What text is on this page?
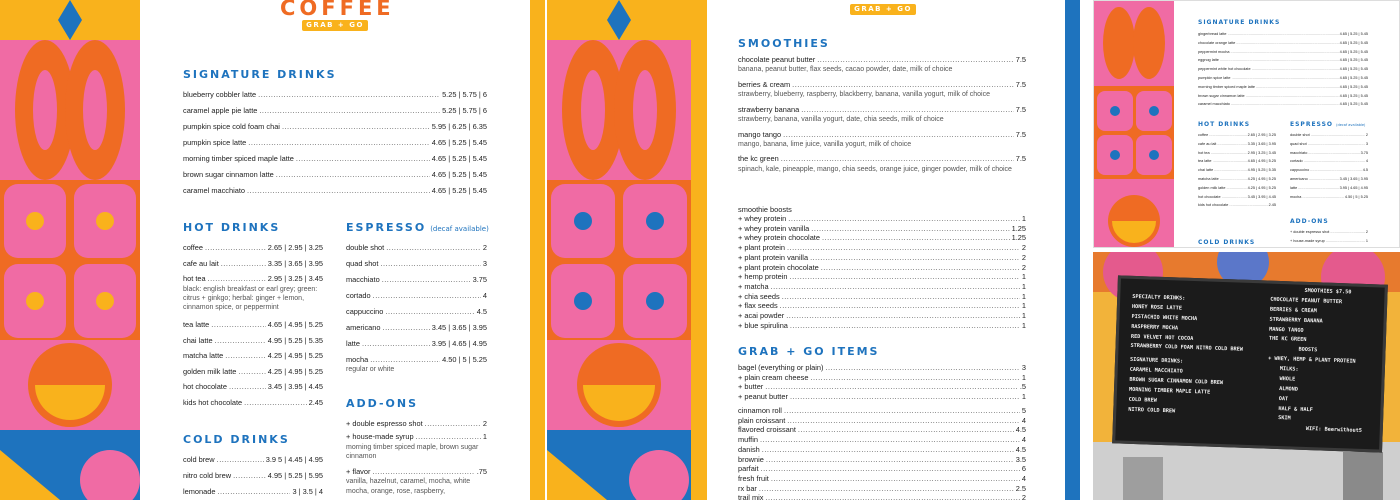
COFFEE
GRAB + GO
SIGNATURE DRINKS
blueberry cobbler latte .....	5.25 | 5.75 | 6
caramel apple pie latte .....	5.25 | 5.75 | 6
pumpkin spice cold foam chai .....	5.95 | 6.25 | 6.35
pumpkin spice latte .....	4.65 | 5.25 | 5.45
morning timber spiced maple latte .....	4.65 | 5.25 | 5.45
brown sugar cinnamon latte .....	4.65 | 5.25 | 5.45
caramel macchiato .....	4.65 | 5.25 | 5.45
HOT DRINKS
coffee .....	2.65 | 2.95 | 3.25
cafe au lait .....	3.35 | 3.65 | 3.95
hot tea .....	2.95 | 3.25 | 3.45
black: english breakfast or earl grey; green: citrus + ginkgo; herbal: ginger + lemon, cinnamon spice, or peppermint
tea latte .....	4.65 | 4.95 | 5.25
chai latte .....	4.95 | 5.25 | 5.35
matcha latte .....	4.25 | 4.95 | 5.25
golden milk latte .....	4.25 | 4.95 | 5.25
hot chocolate .....	3.45 | 3.95 | 4.45
kids hot chocolate .....	2.45
ESPRESSO (decaf available)
double shot .....	2
quad shot .....	3
macchiato .....	3.75
cortado .....	4
cappuccino .....	4.5
americano .....	3.45 | 3.65 | 3.95
latte .....	3.95 | 4.65 | 4.95
mocha .....	4.50 | 5 | 5.25
regular or white
ADD-ONS
+ double espresso shot .....	2
+ house-made syrup .....	1
morning timber spiced maple, brown sugar cinnamon
+ flavor .....	.75
vanilla, hazelnut, caramel, mocha, white mocha, orange, rose, raspberry,
COLD DRINKS
cold brew .....	3.9 5 | 4.45 | 4.95
nitro cold brew .....	4.95 | 5.25 | 5.95
lemonade .....	3 | 3.5 | 4
GRAB + GO
SMOOTHIES
chocolate peanut butter .....	7.5
banana, peanut butter, flax seeds, cacao powder, date, milk of choice
berries & cream .....	7.5
strawberry, blueberry, raspberry, blackberry, banana, vanilla yogurt, milk of choice
strawberry banana .....	7.5
strawberry, banana, vanilla yogurt, date, chia seeds, milk of choice
mango tango .....	7.5
mango, banana, lime juice, vanilla yogurt, milk of choice
the kc green .....	7.5
spinach, kale, pineapple, mango, chia seeds, orange juice, ginger powder, milk of choice
smoothie boosts
+ whey protein .....	1
+ whey protein vanilla .....	1.25
+ whey protein chocolate .....	1.25
+ plant protein .....	2
+ plant protein vanilla .....	2
+ plant protein chocolate .....	2
+ hemp protein .....	1
+ matcha .....	1
+ chia seeds .....	1
+ flax seeds .....	1
+ acai powder .....	1
+ blue spirulina .....	1
GRAB + GO ITEMS
bagel (everything or plain) .....	3
+ plain cream cheese .....	1
+ butter .....	.5
+ peanut butter .....	1
cinnamon roll .....	5
plain croissant .....	4
flavored croissant .....	4.5
muffin .....	4
danish .....	4.5
brownie .....	3.5
parfait .....	6
fresh fruit .....	4
rx bar .....	2.5
trail mix .....	2
SIGNATURE DRINKS
gingerbread latte .....	4.65 | 5.25 | 5.45
chocolate orange latte .....	4.65 | 5.25 | 5.45
peppermint mocha .....	4.65 | 5.25 | 5.45
eggnog latte .....	4.65 | 5.25 | 5.45
peppermint white hot chocolate .....	4.65 | 5.25 | 5.45
pumpkin spice latte .....	4.65 | 5.25 | 5.45
morning timber spiced maple latte .....	4.65 | 5.25 | 5.45
brown sugar cinnamon latte .....	4.65 | 5.25 | 5.45
caramel macchiato .....	4.65 | 5.25 | 5.45
HOT DRINKS
coffee .....	2.65 | 2.95 | 3.25
cafe au lait .....	3.35 | 3.65 | 3.95
hot tea .....	2.95 | 3.25 | 3.45
tea latte .....	4.65 | 4.95 | 5.25
chai latte .....	4.95 | 5.25 | 5.35
matcha latte .....	4.25 | 4.95 | 5.25
golden milk latte .....	4.25 | 4.95 | 5.25
hot chocolate .....	3.45 | 3.95 | 4.45
kids hot chocolate .....	2.45
ESPRESSO (decaf available)
double shot .....	2
quad shot .....	3
macchiato .....	3.75
cortado .....	4
cappuccino .....	4.5
americano .....	3.45 | 3.65 | 3.95
latte .....	3.95 | 4.65 | 4.95
mocha .....	4.50 | 5 | 5.25
ADD-ONS
+ double espresso shot .....	2
+ house-made syrup .....	1
COLD DRINKS
SPECIALTY DRINKS:
HONEY ROSE LATTE
PISTACHIO WHITE MOCHA
RASPBERRY MOCHA
RED VELVET HOT COCOA
STRAWBERRY COLD FOAM NITRO COLD BREW
SIGNATURE DRINKS:
CARAMEL MACCHIATO
BROWN SUGAR CINNAMON COLD BREW
MORNING TIMBER MAPLE LATTE
COLD BREW
NITRO COLD BREW
SMOOTHIES $7.50
CHOCOLATE PEANUT BUTTER
BERRIES & CREAM
STRAWBERRY BANANA
MANGO TANGO
THE KC GREEN
BOOSTS
+ WHEY, HEMP & PLANT PROTEIN
MILKS:
WHOLE
ALMOND
OAT
HALF & HALF
SKIM
WIFI: Beerwithout5
